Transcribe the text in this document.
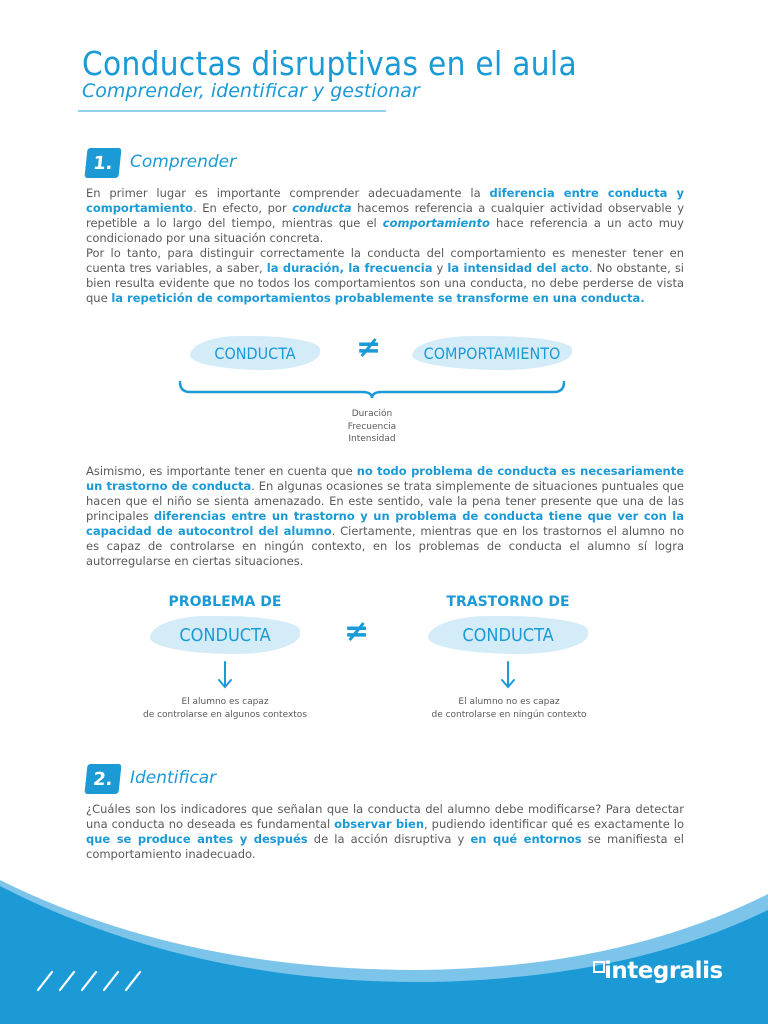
Conductas disruptivas en el aula
Comprender, identificar y gestionar
1. Comprender

En primer lugar es importante comprender adecuadamente la diferencia entre conducta y comportamiento. En efecto, por conducta hacemos referencia a cualquier actividad observable y repetible a lo largo del tiempo, mientras que el comportamiento hace referencia a un acto muy condicionado por una situación concreta.

Por lo tanto, para distinguir correctamente la conducta del comportamiento es menester tener en cuenta tres variables, a saber, la duración, la frecuencia y la intensidad del acto. No obstante, si bien resulta evidente que no todos los comportamientos son una conducta, no debe perderse de vista que la repetición de comportamientos probablemente se transforme en una conducta.

CONDUCTA	≠	COMPORTAMIENTO
Duración
Frecuencia
Intensidad

Asimismo, es importante tener en cuenta que no todo problema de conducta es necesariamente un trastorno de conducta. En algunas ocasiones se trata simplemente de situaciones puntuales que hacen que el niño se sienta amenazado. En este sentido, vale la pena tener presente que una de las principales diferencias entre un trastorno y un problema de conducta tiene que ver con la capacidad de autocontrol del alumno. Ciertamente, mientras que en los trastornos el alumno no es capaz de controlarse en ningún contexto, en los problemas de conducta el alumno sí logra autorregularse en ciertas situaciones.

PROBLEMA DE
CONDUCTA
El alumno es capaz
de controlarse en algunos contextos
≠
TRASTORNO DE
CONDUCTA
El alumno no es capaz
de controlarse en ningún contexto
2. Identificar

¿Cuáles son los indicadores que señalan que la conducta del alumno debe modificarse? Para detectar una conducta no deseada es fundamental observar bien, pudiendo identificar qué es exactamente lo que se produce antes y después de la acción disruptiva y en qué entornos se manifiesta el comportamiento inadecuado.

integralis
